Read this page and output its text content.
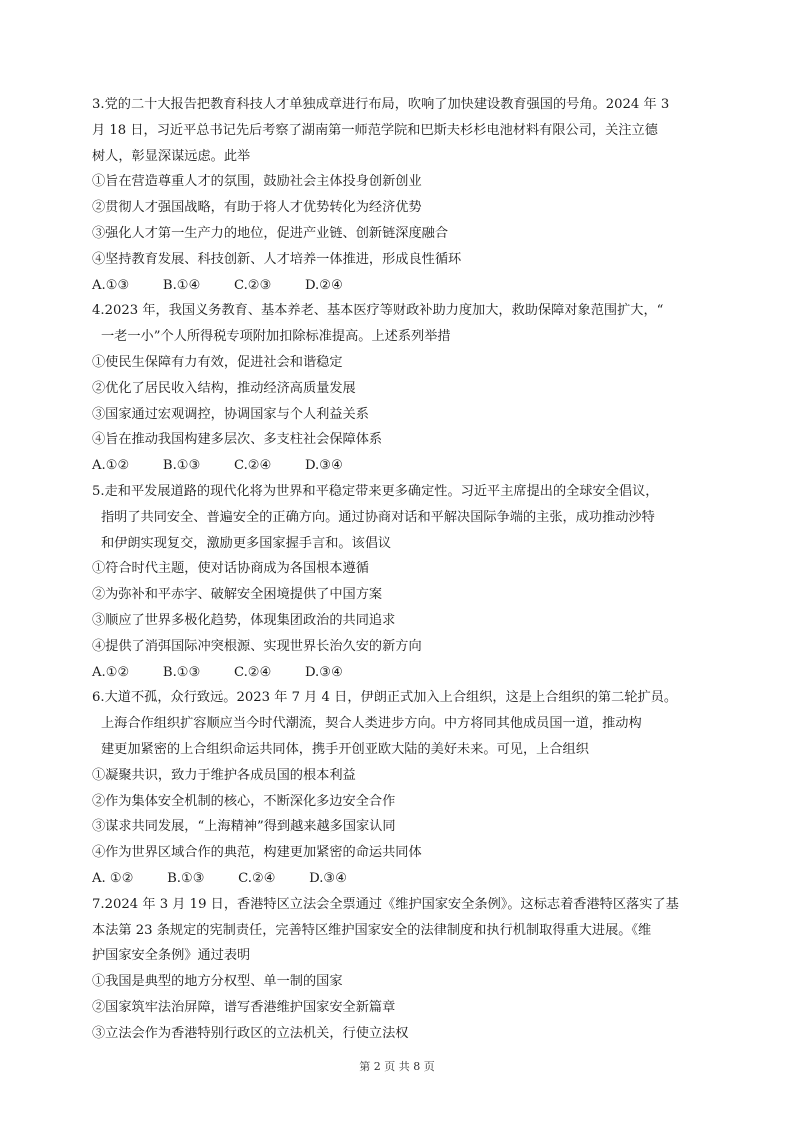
3.党的二十大报告把教育科技人才单独成章进行布局，吹响了加快建设教育强国的号角。2024 年 3
月 18 日，习近平总书记先后考察了湖南第一师范学院和巴斯夫杉杉电池材料有限公司，关注立德
树人，彰显深谋远虑。此举
①旨在营造尊重人才的氛围，鼓励社会主体投身创新创业
②贯彻人才强国战略，有助于将人才优势转化为经济优势
③强化人才第一生产力的地位，促进产业链、创新链深度融合
④坚持教育发展、科技创新、人才培养一体推进，形成良性循环
A.①③        B.①④        C.②③        D.②④
4.2023 年，我国义务教育、基本养老、基本医疗等财政补助力度加大，救助保障对象范围扩大，“
一老一小”个人所得税专项附加扣除标准提高。上述系列举措
①使民生保障有力有效，促进社会和谐稳定
②优化了居民收入结构，推动经济高质量发展
③国家通过宏观调控，协调国家与个人利益关系
④旨在推动我国构建多层次、多支柱社会保障体系
A.①②        B.①③        C.②④        D.③④
5.走和平发展道路的现代化将为世界和平稳定带来更多确定性。习近平主席提出的全球安全倡议，
指明了共同安全、普遍安全的正确方向。通过协商对话和平解决国际争端的主张，成功推动沙特
和伊朗实现复交，激励更多国家握手言和。该倡议
①符合时代主题，使对话协商成为各国根本遵循
②为弥补和平赤字、破解安全困境提供了中国方案
③顺应了世界多极化趋势，体现集团政治的共同追求
④提供了消弭国际冲突根源、实现世界长治久安的新方向
A.①②        B.①③        C.②④        D.③④
6.大道不孤，众行致远。2023 年 7 月 4 日，伊朗正式加入上合组织，这是上合组织的第二轮扩员。
上海合作组织扩容顺应当今时代潮流，契合人类进步方向。中方将同其他成员国一道，推动构
建更加紧密的上合组织命运共同体，携手开创亚欧大陆的美好未来。可见，上合组织
①凝聚共识，致力于维护各成员国的根本利益
②作为集体安全机制的核心，不断深化多边安全合作
③谋求共同发展，“上海精神”得到越来越多国家认同
④作为世界区域合作的典范，构建更加紧密的命运共同体
A. ①②        B.①③        C.②④        D.③④
7.2024 年 3 月 19 日，香港特区立法会全票通过《维护国家安全条例》。这标志着香港特区落实了基
本法第 23 条规定的宪制责任，完善特区维护国家安全的法律制度和执行机制取得重大进展。《维
护国家安全条例》通过表明
①我国是典型的地方分权型、单一制的国家
②国家筑牢法治屏障，谱写香港维护国家安全新篇章
③立法会作为香港特别行政区的立法机关，行使立法权
第 2 页 共 8 页
